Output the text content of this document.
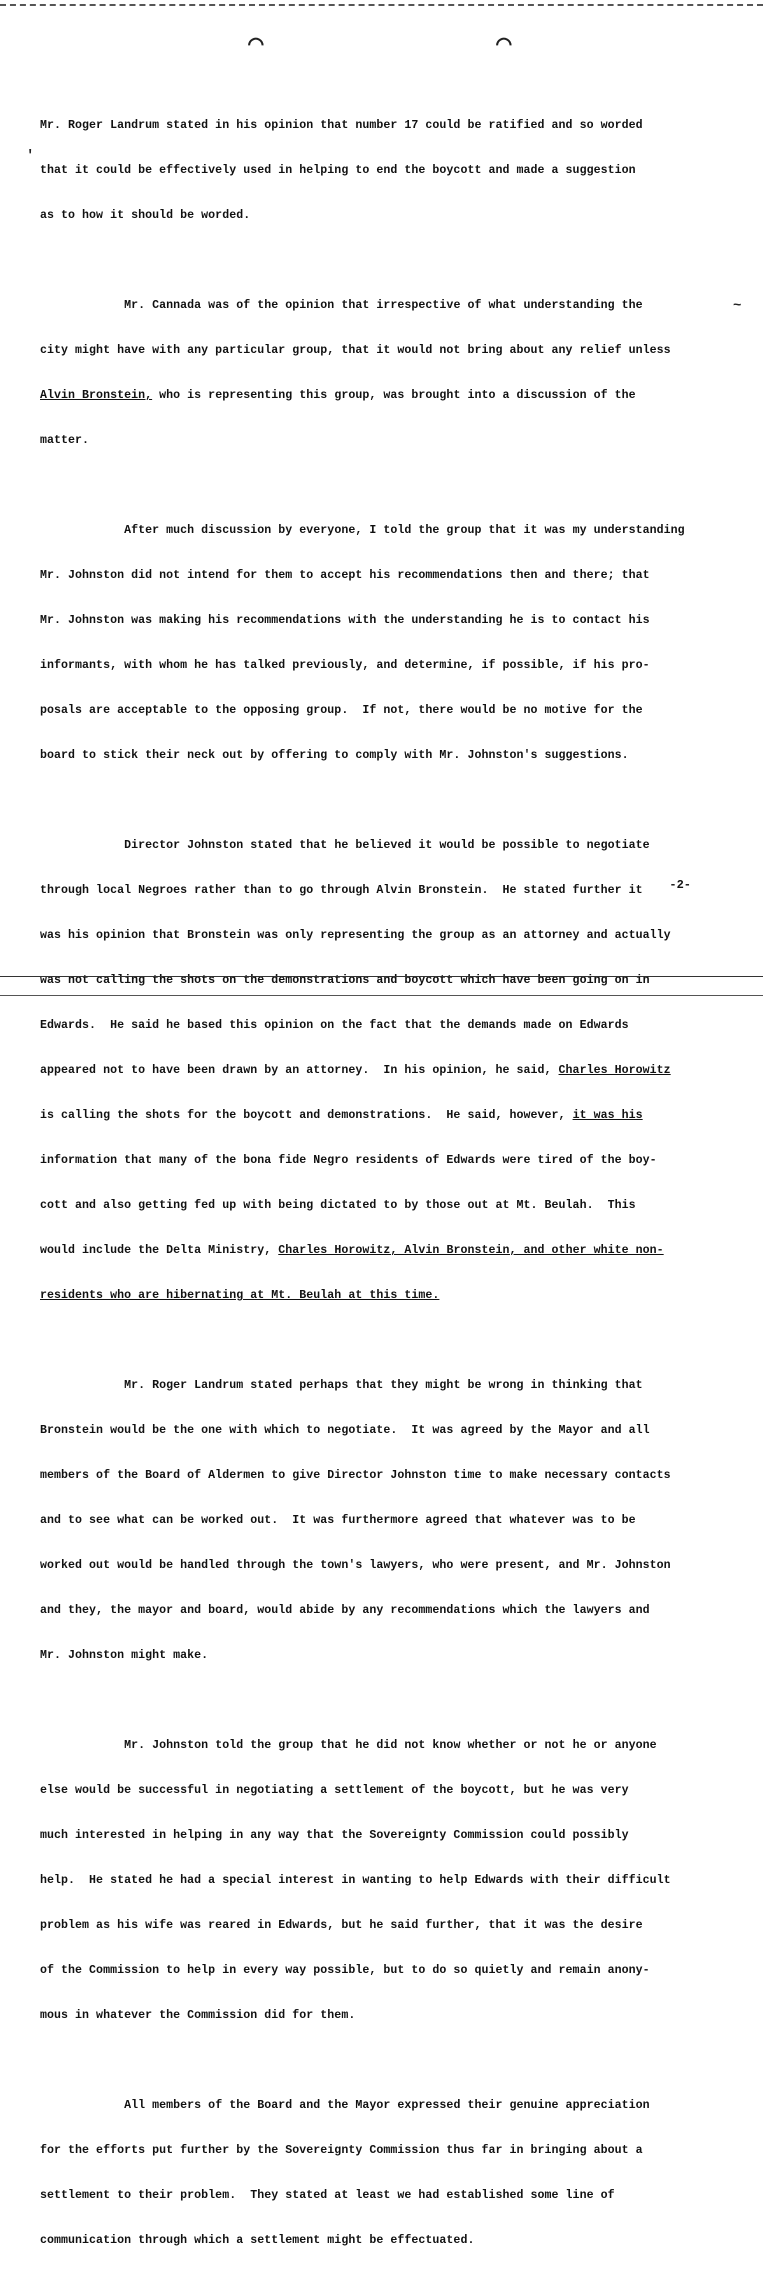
⌒	⌒

Mr. Roger Landrum stated in his opinion that number 17 could be ratified and so worded

that it could be effectively used in helping to end the boycott and made a suggestion

as to how it should be worded.

Mr. Cannada was of the opinion that irrespective of what understanding the

city might have with any particular group, that it would not bring about any relief unless

Alvin Bronstein, who is representing this group, was brought into a discussion of the

matter.

After much discussion by everyone, I told the group that it was my understanding

Mr. Johnston did not intend for them to accept his recommendations then and there; that

Mr. Johnston was making his recommendations with the understanding he is to contact his

informants, with whom he has talked previously, and determine, if possible, if his pro-

posals are acceptable to the opposing group.  If not, there would be no motive for the

board to stick their neck out by offering to comply with Mr. Johnston's suggestions.

Director Johnston stated that he believed it would be possible to negotiate

through local Negroes rather than to go through Alvin Bronstein.  He stated further it

was his opinion that Bronstein was only representing the group as an attorney and actually

was not calling the shots on the demonstrations and boycott which have been going on in

Edwards.  He said he based this opinion on the fact that the demands made on Edwards

appeared not to have been drawn by an attorney.  In his opinion, he said, Charles Horowitz

is calling the shots for the boycott and demonstrations.  He said, however, it was his

information that many of the bona fide Negro residents of Edwards were tired of the boy-

cott and also getting fed up with being dictated to by those out at Mt. Beulah.  This

would include the Delta Ministry, Charles Horowitz, Alvin Bronstein, and other white non-

residents who are hibernating at Mt. Beulah at this time.

Mr. Roger Landrum stated perhaps that they might be wrong in thinking that

Bronstein would be the one with which to negotiate.  It was agreed by the Mayor and all

members of the Board of Aldermen to give Director Johnston time to make necessary contacts

and to see what can be worked out.  It was furthermore agreed that whatever was to be

worked out would be handled through the town's lawyers, who were present, and Mr. Johnston

and they, the mayor and board, would abide by any recommendations which the lawyers and

Mr. Johnston might make.

Mr. Johnston told the group that he did not know whether or not he or anyone

else would be successful in negotiating a settlement of the boycott, but he was very

much interested in helping in any way that the Sovereignty Commission could possibly

help.  He stated he had a special interest in wanting to help Edwards with their difficult

problem as his wife was reared in Edwards, but he said further, that it was the desire

of the Commission to help in every way possible, but to do so quietly and remain anony-

mous in whatever the Commission did for them.

All members of the Board and the Mayor expressed their genuine appreciation

for the efforts put further by the Sovereignty Commission thus far in bringing about a

settlement to their problem.  They stated at least we had established some line of

communication through which a settlement might be effectuated.

'
~
-2-
